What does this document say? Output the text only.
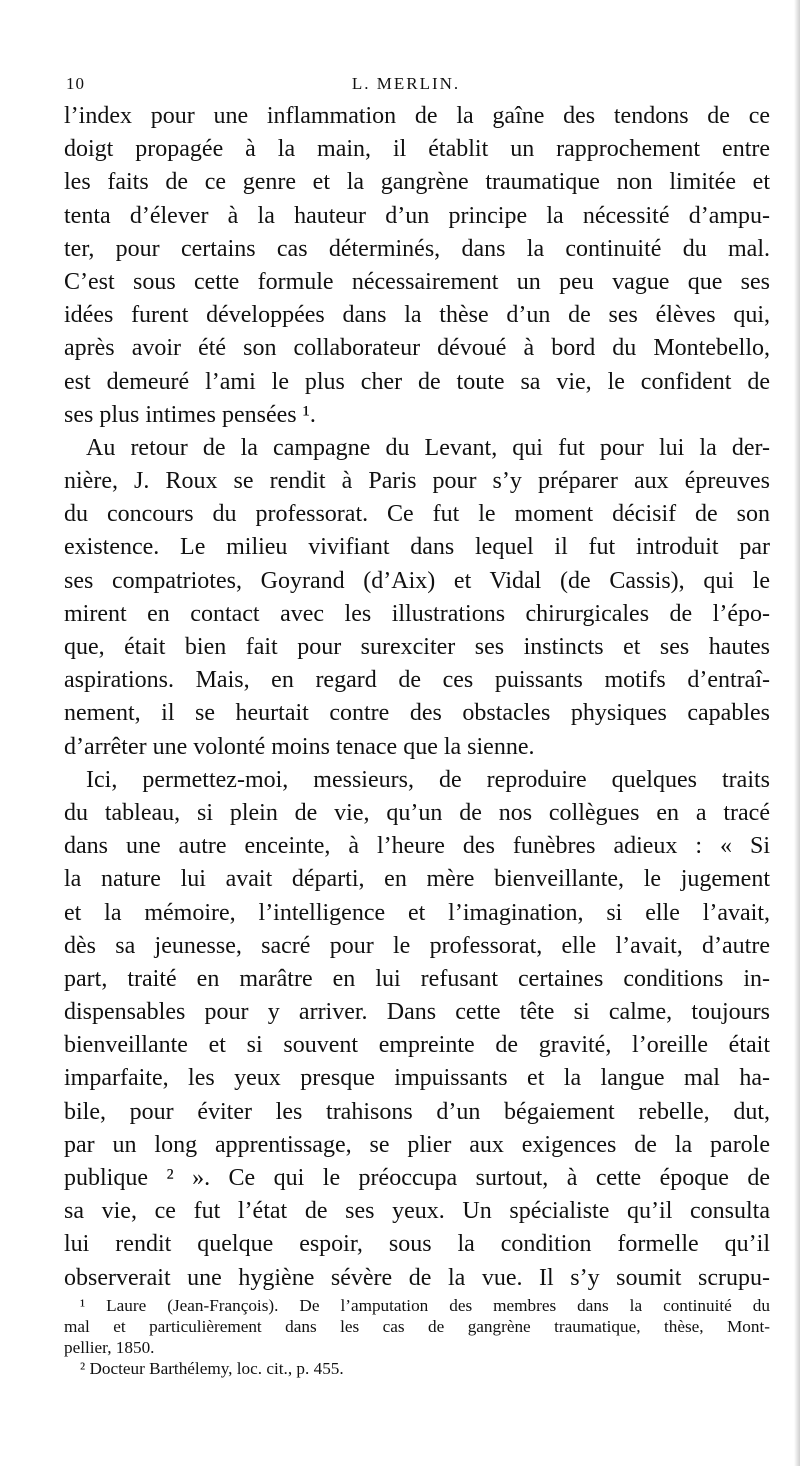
10	L. MERLIN.
l’index pour une inflammation de la gaîne des tendons de ce
doigt propagée à la main, il établit un rapprochement entre
les faits de ce genre et la gangrène traumatique non limitée et
tenta d’élever à la hauteur d’un principe la nécessité d’ampu-
ter, pour certains cas déterminés, dans la continuité du mal.
C’est sous cette formule nécessairement un peu vague que ses
idées furent développées dans la thèse d’un de ses élèves qui,
après avoir été son collaborateur dévoué à bord du Montebello,
est demeuré l’ami le plus cher de toute sa vie, le confident de
ses plus intimes pensées ¹.
Au retour de la campagne du Levant, qui fut pour lui la der-
nière, J. Roux se rendit à Paris pour s’y préparer aux épreuves
du concours du professorat. Ce fut le moment décisif de son
existence. Le milieu vivifiant dans lequel il fut introduit par
ses compatriotes, Goyrand (d’Aix) et Vidal (de Cassis), qui le
mirent en contact avec les illustrations chirurgicales de l’épo-
que, était bien fait pour surexciter ses instincts et ses hautes
aspirations. Mais, en regard de ces puissants motifs d’entraî-
nement, il se heurtait contre des obstacles physiques capables
d’arrêter une volonté moins tenace que la sienne.
Ici, permettez-moi, messieurs, de reproduire quelques traits
du tableau, si plein de vie, qu’un de nos collègues en a tracé
dans une autre enceinte, à l’heure des funèbres adieux : « Si
la nature lui avait départi, en mère bienveillante, le jugement
et la mémoire, l’intelligence et l’imagination, si elle l’avait,
dès sa jeunesse, sacré pour le professorat, elle l’avait, d’autre
part, traité en marâtre en lui refusant certaines conditions in-
dispensables pour y arriver. Dans cette tête si calme, toujours
bienveillante et si souvent empreinte de gravité, l’oreille était
imparfaite, les yeux presque impuissants et la langue mal ha-
bile, pour éviter les trahisons d’un bégaiement rebelle, dut,
par un long apprentissage, se plier aux exigences de la parole
publique ² ». Ce qui le préoccupa surtout, à cette époque de
sa vie, ce fut l’état de ses yeux. Un spécialiste qu’il consulta
lui rendit quelque espoir, sous la condition formelle qu’il
observerait une hygiène sévère de la vue. Il s’y soumit scrupu-
¹ Laure (Jean-François). De l’amputation des membres dans la continuité du
mal et particulièrement dans les cas de gangrène traumatique, thèse, Mont-
pellier, 1850.
² Docteur Barthélemy, loc. cit., p. 455.
